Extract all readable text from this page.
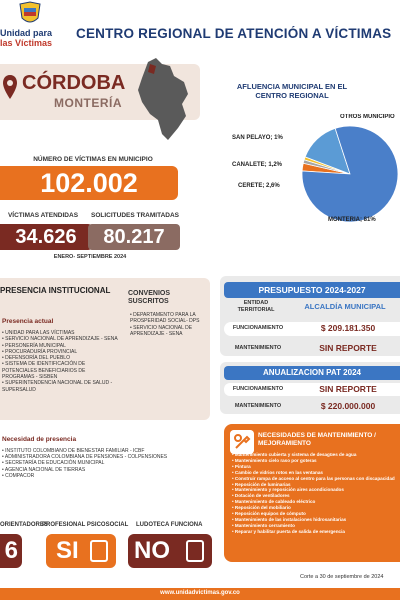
Unidad para
las Víctimas
CENTRO REGIONAL DE ATENCIÓN A VÍCTIMAS
CÓRDOBA
MONTERÍA
NÚMERO DE VÍCTIMAS EN MUNICIPIO
102.002
VÍCTIMAS ATENDIDAS	SOLICITUDES TRAMITADAS
34.626	80.217
ENERO- SEPTIEMBRE 2024
AFLUENCIA MUNICIPAL EN EL CENTRO REGIONAL
SAN PELAYO; 1%
CANALETE; 1,2%
CERETE; 2,6%
OTROS MUNICIPIO
MONTERIA; 81%
PRESENCIA INSTITUCIONAL
Presencia actual
• UNIDAD PARA LAS VÍCTIMAS
• SERVICIO NACIONAL DE APRENDIZAJE - SENA
• PERSONERÍA MUNICIPAL
• PROCURADURÍA PROVINCIAL
• DEFENSORÍA DEL PUEBLO
• SISTEMA DE IDENTIFICACIÓN DE POTENCIALES BENEFICIARIOS DE PROGRAMAS - SISBEN
• SUPERINTENDENCIA NACIONAL DE SALUD - SUPERSALUD
CONVENIOS SUSCRITOS
• DEPARTAMENTO PARA LA PROSPERIDAD SOCIAL- DPS
• SERVICIO NACIONAL DE APRENDIZAJE - SENA
Necesidad de presencia
• INSTITUTO COLOMBIANO DE BIENESTAR FAMILIAR - ICBF
• ADMINISTRADORA COLOMBIANA DE PENSIONES - COLPENSIONES
• SECRETARÍA DE EDUCACIÓN MUNICIPAL
• AGENCIA NACIONAL DE TIERRAS
• COMPACOR
PRESUPUESTO 2024-2027
ENTIDAD TERRITORIAL	ALCALDÍA MUNICIPAL
FUNCIONAMIENTO	$ 209.181.350
MANTENIMIENTO	SIN REPORTE
ANUALIZACION PAT 2024
FUNCIONAMIENTO	SIN REPORTE
MANTENIMIENTO	$ 220.000.000
NECESIDADES DE MANTENIMIENTO / MEJORAMIENTO
• Mantenimiento cubierta y sistema de desagües de agua
• Mantenimiento cielo raso por goteras
• Pintura
• Cambio de vidrios rotos en las ventanas
• Construir rampa de acceso al centro para las personas con discapacidad
• Reposición de luminarias
• Mantenimiento y reposición aires acondicionados
• Dotación de ventiladores
• Mantenimiento de cableado eléctrico
• Reposición del mobiliario
• Reposición equipos de cómputo
• Mantenimiento de las instalaciones hidrosanitarias
• Mantenimiento cerramiento
• Reparar y habilitar puerta de salida de emergencia
ORIENTADORES
6
PROFESIONAL PSICOSOCIAL
SI
LUDOTECA FUNCIONA
NO
Corte a 30 de septiembre de 2024
www.unidadvictimas.gov.co
